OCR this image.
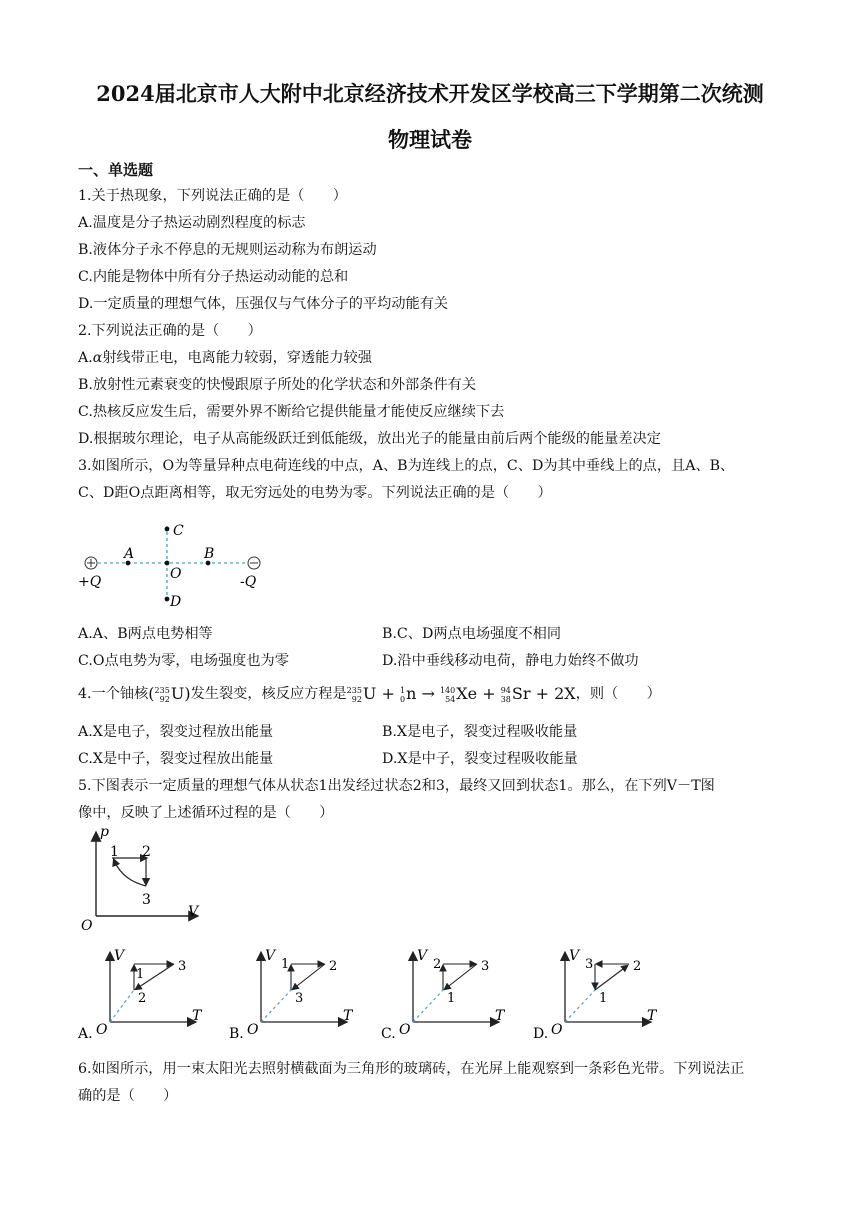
2024届北京市人大附中北京经济技术开发区学校高三下学期第二次统测
物理试卷
一、单选题
1.关于热现象，下列说法正确的是（　　）
A.温度是分子热运动剧烈程度的标志
B.液体分子永不停息的无规则运动称为布朗运动
C.内能是物体中所有分子热运动动能的总和
D.一定质量的理想气体，压强仅与气体分子的平均动能有关
2.下列说法正确的是（　　）
A.α射线带正电，电离能力较弱，穿透能力较强
B.放射性元素衰变的快慢跟原子所处的化学状态和外部条件有关
C.热核反应发生后，需要外界不断给它提供能量才能使反应继续下去
D.根据玻尔理论，电子从高能级跃迁到低能级，放出光子的能量由前后两个能级的能量差决定
3.如图所示，O为等量异种点电荷连线的中点，A、B为连线上的点，C、D为其中垂线上的点，且A、B、
C、D距O点距离相等，取无穷远处的电势为零。下列说法正确的是（　　）
+Q	-Q
A	B
C
D
O
A.A、B两点电势相等	B.C、D两点电场强度不相同
C.O点电势为零，电场强度也为零	D.沿中垂线移动电荷，静电力始终不做功
4.一个铀核( 235
92 U)发生裂变，核反应方程是 235
92 U + 1
0 n → 140
54 Xe + 94
38 Sr + 2X，则（　　）
A.X是电子，裂变过程放出能量	B.X是电子，裂变过程吸收能量
C.X是中子，裂变过程放出能量	D.X是中子，裂变过程吸收能量
5.下图表示一定质量的理想气体从状态1出发经过状态2和3，最终又回到状态1。那么，在下列V－T图
像中，反映了上述循环过程的是（　　）
p
V
O
1 2
3
V
T
O
1
3
2
A.
V
T
O
1	2
3
B.
V
T
O
2	3
1
C.
V
T
O
3	2
1
D.
6.如图所示，用一束太阳光去照射横截面为三角形的玻璃砖，在光屏上能观察到一条彩色光带。下列说法正
确的是（　　）
